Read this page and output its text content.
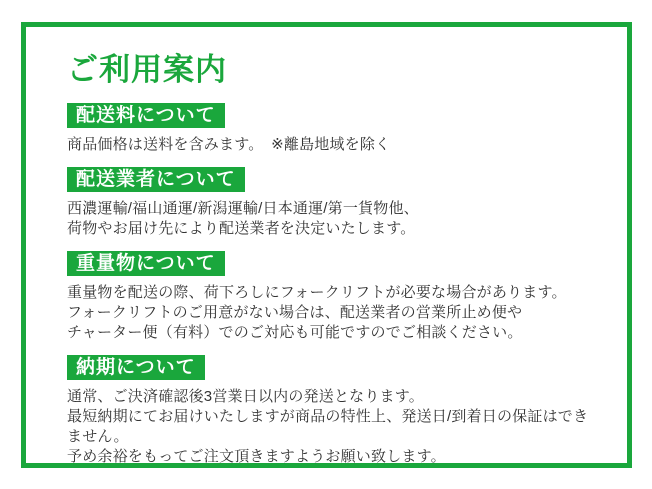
ご利用案内
配送料について

商品価格は送料を含みます。　※離島地域を除く

配送業者について

西濃運輸/福山通運/新潟運輸/日本通運/第一貨物他、

荷物やお届け先により配送業者を決定いたします。

重量物について

重量物を配送の際、荷下ろしにフォークリフトが必要な場合があります。

フォークリフトのご用意がない場合は、配送業者の営業所止め便や

チャーター便（有料）でのご対応も可能ですのでご相談ください。

納期について

通常、ご決済確認後3営業日以内の発送となります。

最短納期にてお届けいたしますが商品の特性上、発送日/到着日の保証はできません。

予め余裕をもってご注文頂きますようお願い致します。
